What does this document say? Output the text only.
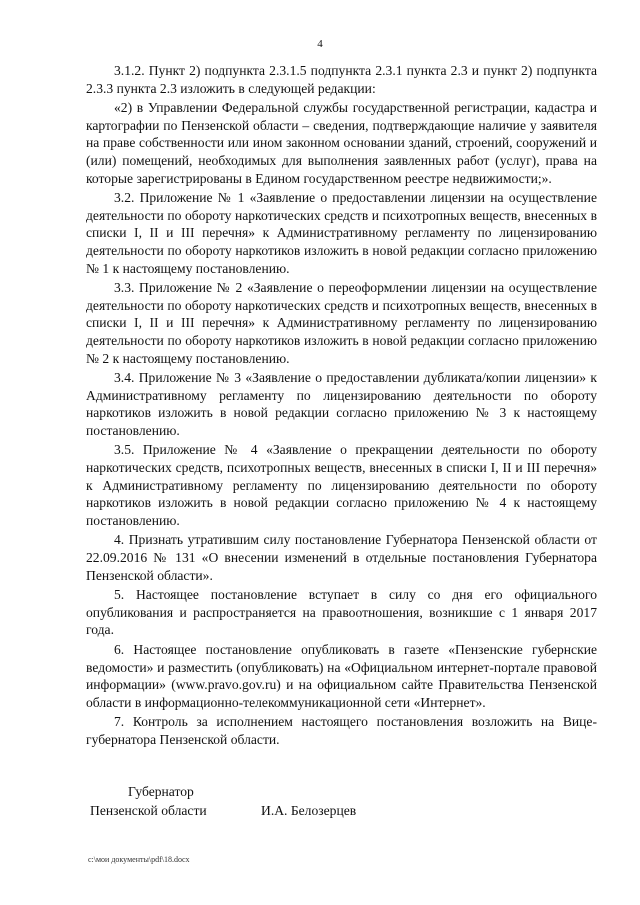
4

3.1.2. Пункт 2) подпункта 2.3.1.5 подпункта 2.3.1 пункта 2.3 и пункт 2) подпункта 2.3.3 пункта 2.3 изложить в следующей редакции:

«2) в Управлении Федеральной службы государственной регистрации, кадастра и картографии по Пензенской области – сведения, подтверждающие наличие у заявителя на праве собственности или ином законном основании зданий, строений, сооружений и (или) помещений, необходимых для выполнения заявленных работ (услуг), права на которые зарегистрированы в Едином государственном реестре недвижимости;».

3.2. Приложение № 1 «Заявление о предоставлении лицензии на осуществление деятельности по обороту наркотических средств и психотропных веществ, внесенных в списки I, II и III перечня» к Административному регламенту по лицензированию деятельности по обороту наркотиков изложить в новой редакции согласно приложению № 1 к настоящему постановлению.

3.3. Приложение № 2 «Заявление о переоформлении лицензии на осуществление деятельности по обороту наркотических средств и психотропных веществ, внесенных в списки I, II и III перечня» к Административному регламенту по лицензированию деятельности по обороту наркотиков изложить в новой редакции согласно приложению № 2 к настоящему постановлению.

3.4. Приложение № 3 «Заявление о предоставлении дубликата/копии лицензии» к Административному регламенту по лицензированию деятельности по обороту наркотиков изложить в новой редакции согласно приложению № 3 к настоящему постановлению.

3.5. Приложение № 4 «Заявление о прекращении деятельности по обороту наркотических средств, психотропных веществ, внесенных в списки I, II и III перечня» к Административному регламенту по лицензированию деятельности по обороту наркотиков изложить в новой редакции согласно приложению № 4 к настоящему постановлению.

4. Признать утратившим силу постановление Губернатора Пензенской области от 22.09.2016 № 131 «О внесении изменений в отдельные постановления Губернатора Пензенской области».

5. Настоящее постановление вступает в силу со дня его официального опубликования и распространяется на правоотношения, возникшие с 1 января 2017 года.

6. Настоящее постановление опубликовать в газете «Пензенские губернские ведомости» и разместить (опубликовать) на «Официальном интернет-портале правовой информации» (www.pravo.gov.ru) и на официальном сайте Правительства Пензенской области в информационно-телекоммуникационной сети «Интернет».

7. Контроль за исполнением настоящего постановления возложить на Вице-губернатора Пензенской области.

Губернатор
Пензенской области	И.А. Белозерцев
c:\мои документы\pdf\18.docx
